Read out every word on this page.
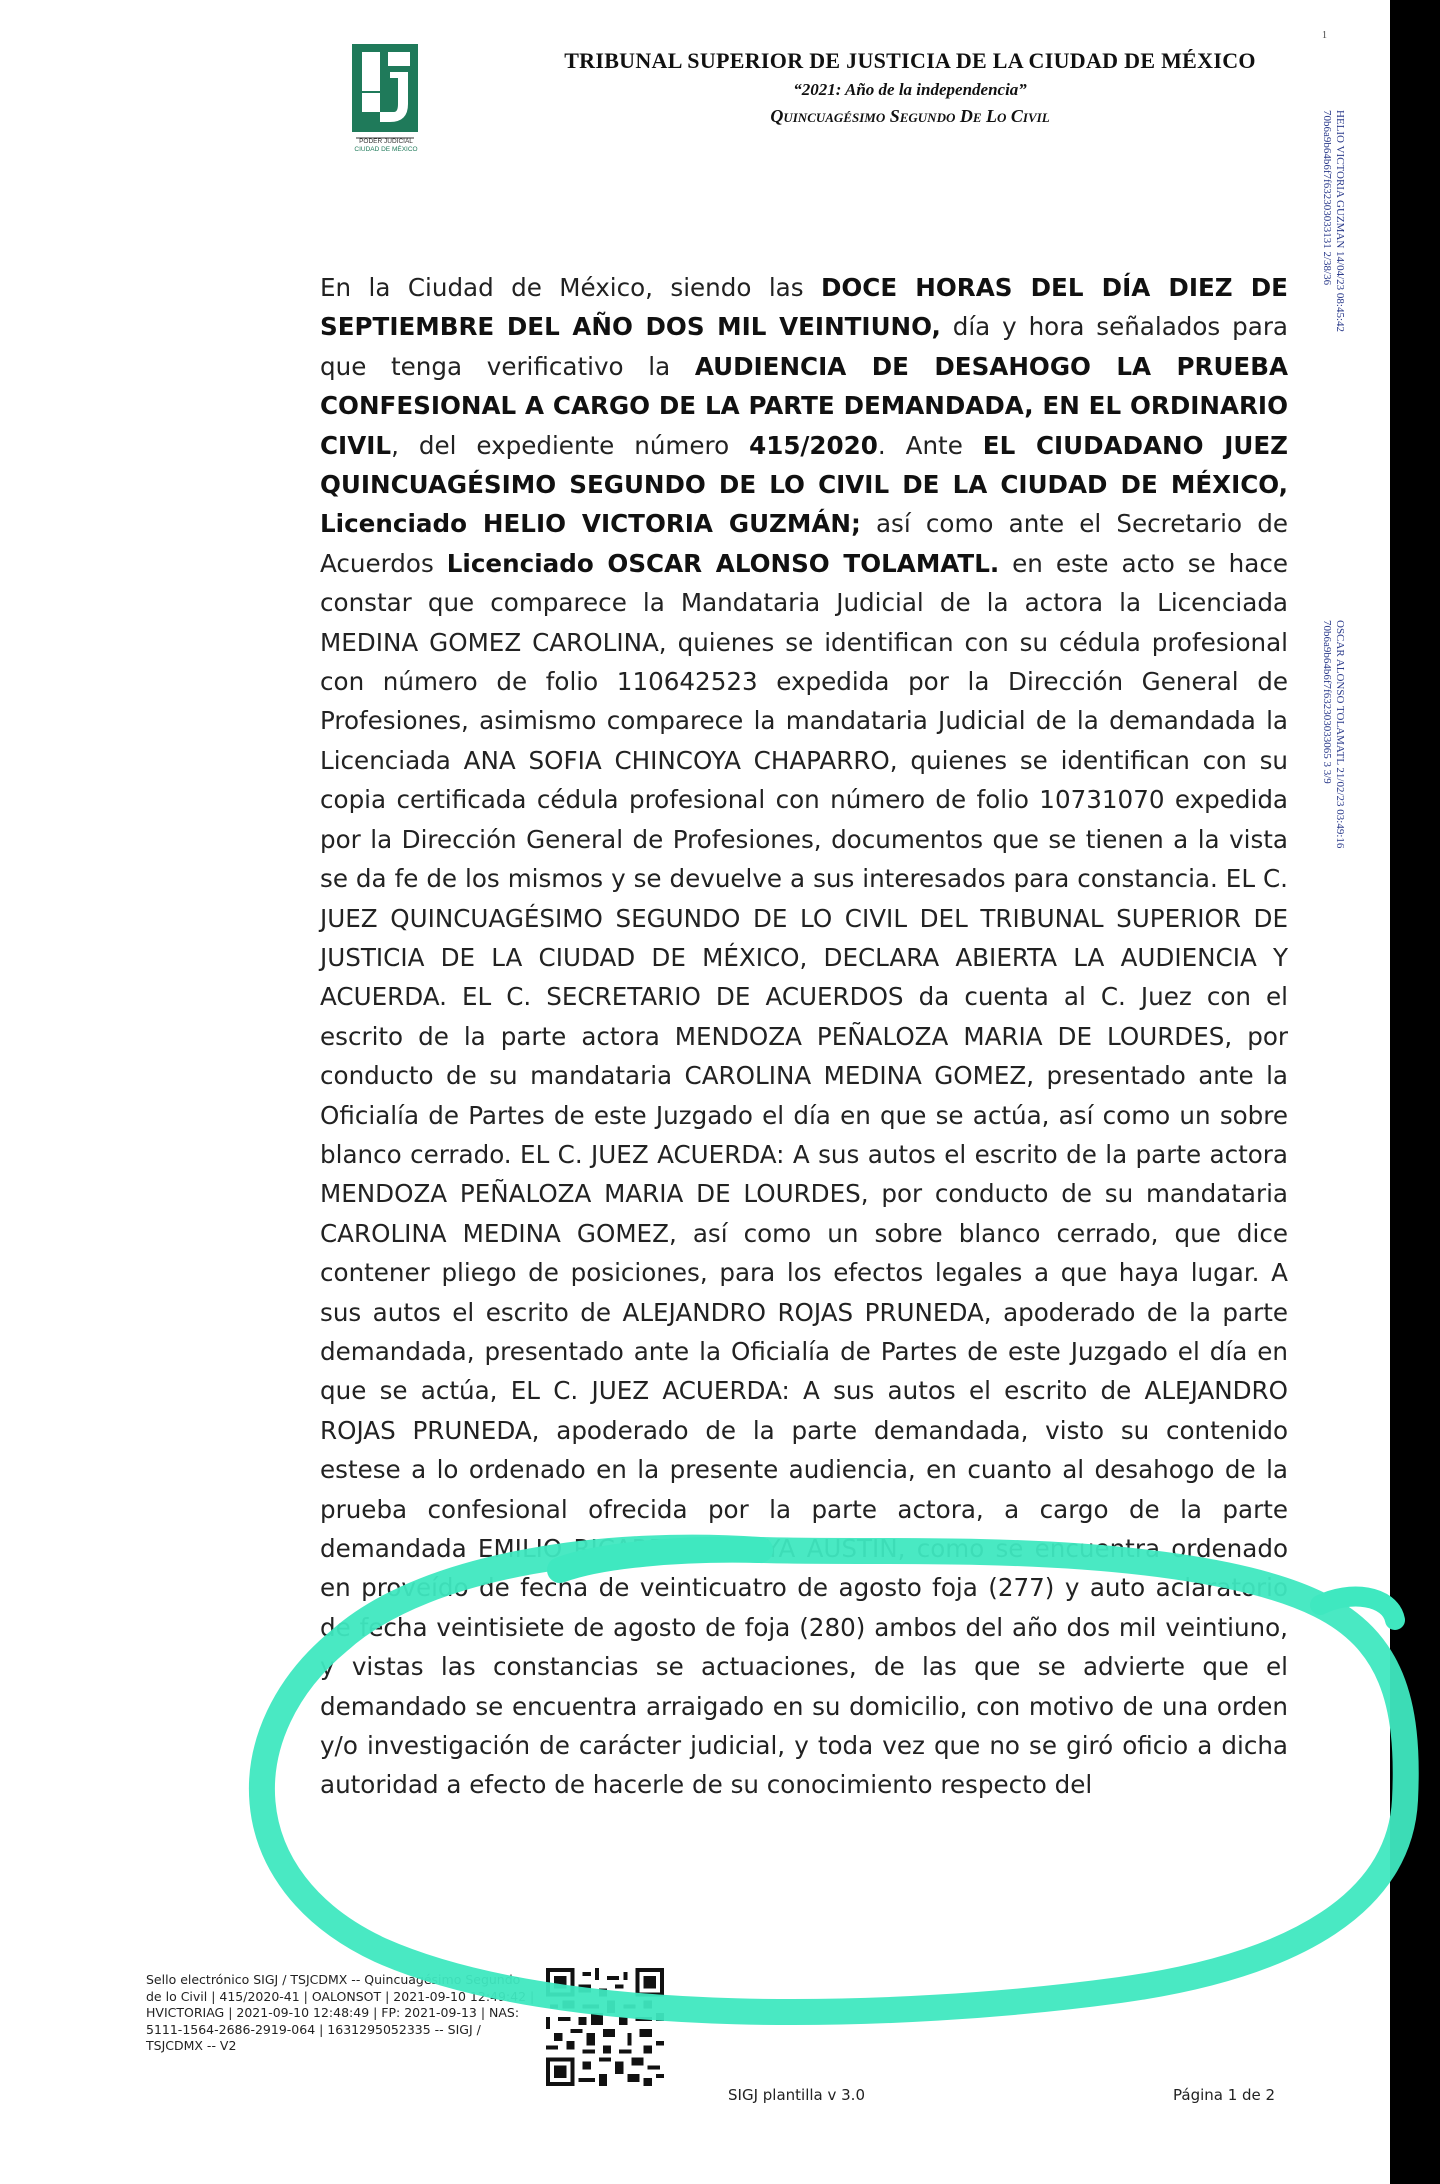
PODER JUDICIAL
CIUDAD DE MÉXICO
TRIBUNAL SUPERIOR DE JUSTICIA DE LA CIUDAD DE MÉXICO
“2021: Año de la independencia”
Quincuagésimo Segundo De Lo Civil
1
HELIO VICTORIA GUZMAN 14/04/23 08:45:42
70b6a9b64b6f7f632303033131 2/38/36
OSCAR ALONSO TOLAMATL 21/02/23 03:49:16
70b6a9b64b6f7f632303033065 3 3/9
En la Ciudad de México, siendo las DOCE HORAS DEL DÍA DIEZ DE SEPTIEMBRE DEL AÑO DOS MIL VEINTIUNO, día y hora señalados para que tenga verificativo la AUDIENCIA DE DESAHOGO LA PRUEBA CONFESIONAL A CARGO DE LA PARTE DEMANDADA, EN EL ORDINARIO CIVIL, del expediente número 415/2020. Ante EL CIUDADANO JUEZ QUINCUAGÉSIMO SEGUNDO DE LO CIVIL DE LA CIUDAD DE MÉXICO, Licenciado HELIO VICTORIA GUZMÁN; así como ante el Secretario de Acuerdos Licenciado OSCAR ALONSO TOLAMATL. en este acto se hace constar que comparece la Mandataria Judicial de la actora la Licenciada MEDINA GOMEZ CAROLINA, quienes se identifican con su cédula profesional con número de folio 110642523 expedida por la Dirección General de Profesiones, asimismo comparece la mandataria Judicial de la demandada la Licenciada ANA SOFIA CHINCOYA CHAPARRO, quienes se identifican con su copia certificada cédula profesional con número de folio 10731070 expedida por la Dirección General de Profesiones, documentos que se tienen a la vista se da fe de los mismos y se devuelve a sus interesados para constancia. EL C. JUEZ QUINCUAGÉSIMO SEGUNDO DE LO CIVIL DEL TRIBUNAL SUPERIOR DE JUSTICIA DE LA CIUDAD DE MÉXICO, DECLARA ABIERTA LA AUDIENCIA Y ACUERDA. EL C. SECRETARIO DE ACUERDOS da cuenta al C. Juez con el escrito de la parte actora MENDOZA PEÑALOZA MARIA DE LOURDES, por conducto de su mandataria CAROLINA MEDINA GOMEZ, presentado ante la Oficialía de Partes de este Juzgado el día en que se actúa, así como un sobre blanco cerrado. EL C. JUEZ ACUERDA: A sus autos el escrito de la parte actora MENDOZA PEÑALOZA MARIA DE LOURDES, por conducto de su mandataria CAROLINA MEDINA GOMEZ, así como un sobre blanco cerrado, que dice contener pliego de posiciones, para los efectos legales a que haya lugar. A sus autos el escrito de ALEJANDRO ROJAS PRUNEDA, apoderado de la parte demandada, presentado ante la Oficialía de Partes de este Juzgado el día en que se actúa, EL C. JUEZ ACUERDA: A sus autos el escrito de ALEJANDRO ROJAS PRUNEDA, apoderado de la parte demandada, visto su contenido estese a lo ordenado en la presente audiencia, en cuanto al desahogo de la prueba confesional ofrecida por la parte actora, a cargo de la parte demandada EMILIO RICARDO LOZOYA AUSTIN, como se encuentra ordenado en proveído de fecha de veinticuatro de agosto foja (277) y auto aclaratorio de fecha veintisiete de agosto de foja (280) ambos del año dos mil veintiuno, y vistas las constancias se actuaciones, de las que se advierte que el demandado se encuentra arraigado en su domicilio, con motivo de una orden y/o investigación de carácter judicial, y toda vez que no se giró oficio a dicha autoridad a efecto de hacerle de su conocimiento respecto del
Sello electrónico SIGJ / TSJCDMX -- Quincuagésimo Segundo de lo Civil | 415/2020-41 | OALONSOT | 2021-09-10 12:49:42 | HVICTORIAG | 2021-09-10 12:48:49 | FP: 2021-09-13 | NAS: 5111-1564-2686-2919-064 | 1631295052335 -- SIGJ / TSJCDMX -- V2
SIGJ plantilla v 3.0	Página 1 de 2
